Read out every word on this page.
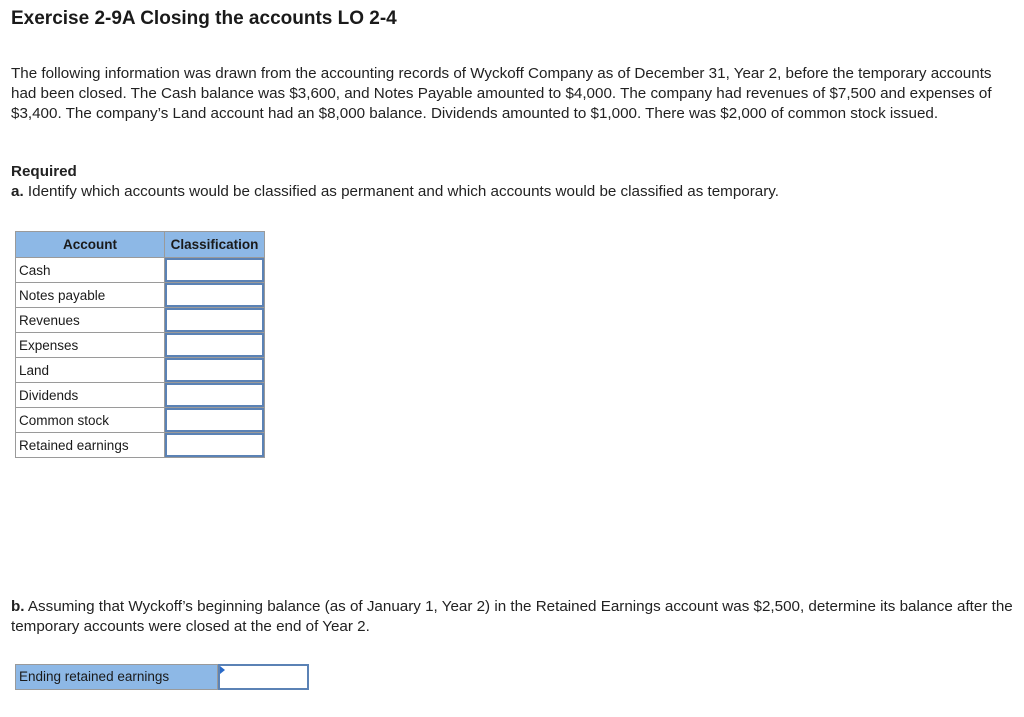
Exercise 2-9A Closing the accounts LO 2-4

The following information was drawn from the accounting records of Wyckoff Company as of December 31, Year 2, before the temporary accounts had been closed. The Cash balance was $3,600, and Notes Payable amounted to $4,000. The company had revenues of $7,500 and expenses of $3,400. The company’s Land account had an $8,000 balance. Dividends amounted to $1,000. There was $2,000 of common stock issued.

Required

a. Identify which accounts would be classified as permanent and which accounts would be classified as temporary.

Account	Classification
Cash	

Notes payable	

Revenues	

Expenses	

Land	

Dividends	

Common stock	

Retained earnings	

b. Assuming that Wyckoff’s beginning balance (as of January 1, Year 2) in the Retained Earnings account was $2,500, determine its balance after the temporary accounts were closed at the end of Year 2.

Ending retained earnings
